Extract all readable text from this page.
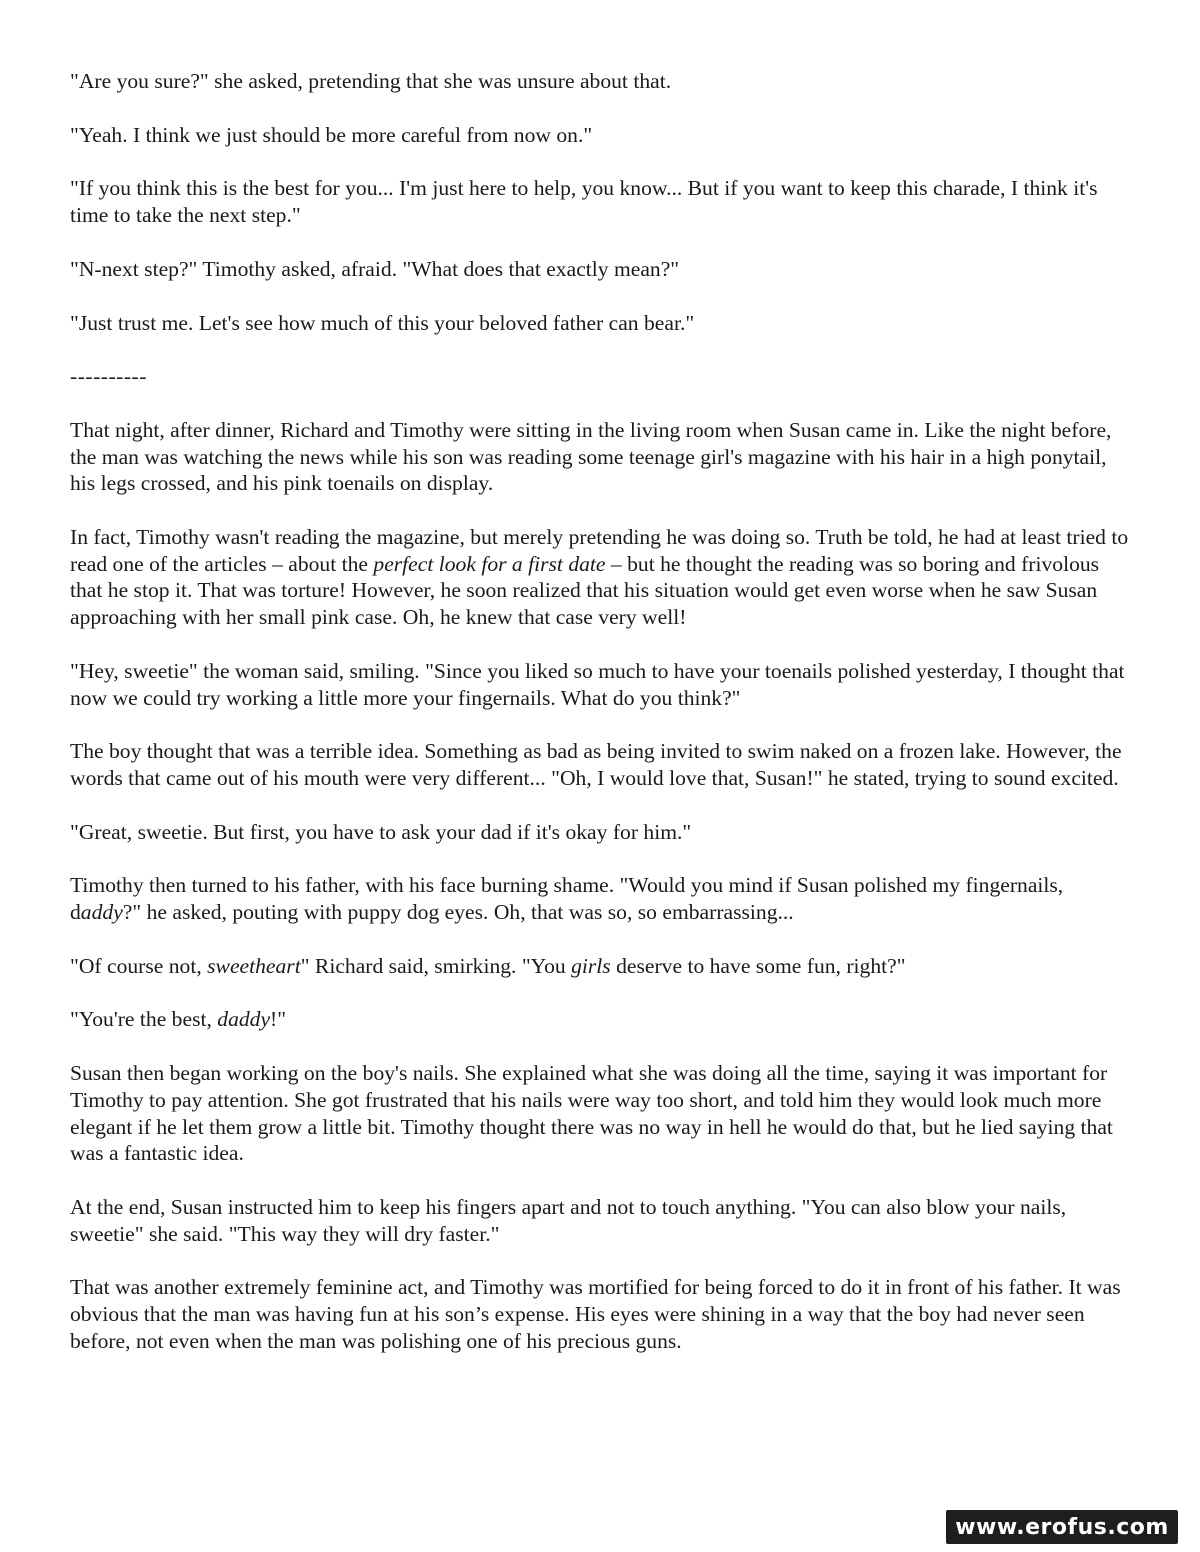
"Are you sure?" she asked, pretending that she was unsure about that.

"Yeah. I think we just should be more careful from now on."

"If you think this is the best for you... I'm just here to help, you know... But if you want to keep this charade, I think it's time to take the next step."

"N-next step?" Timothy asked, afraid. "What does that exactly mean?"

"Just trust me. Let's see how much of this your beloved father can bear."

----------

That night, after dinner, Richard and Timothy were sitting in the living room when Susan came in. Like the night before, the man was watching the news while his son was reading some teenage girl's magazine with his hair in a high ponytail, his legs crossed, and his pink toenails on display.

In fact, Timothy wasn't reading the magazine, but merely pretending he was doing so. Truth be told, he had at least tried to read one of the articles – about the perfect look for a first date – but he thought the reading was so boring and frivolous that he stop it. That was torture! However, he soon realized that his situation would get even worse when he saw Susan approaching with her small pink case. Oh, he knew that case very well!

"Hey, sweetie" the woman said, smiling. "Since you liked so much to have your toenails polished yesterday, I thought that now we could try working a little more your fingernails. What do you think?"

The boy thought that was a terrible idea. Something as bad as being invited to swim naked on a frozen lake. However, the words that came out of his mouth were very different... "Oh, I would love that, Susan!" he stated, trying to sound excited.

"Great, sweetie. But first, you have to ask your dad if it's okay for him."

Timothy then turned to his father, with his face burning shame. "Would you mind if Susan polished my fingernails, daddy?" he asked, pouting with puppy dog eyes. Oh, that was so, so embarrassing...

"Of course not, sweetheart" Richard said, smirking. "You girls deserve to have some fun, right?"

"You're the best, daddy!"

Susan then began working on the boy's nails. She explained what she was doing all the time, saying it was important for Timothy to pay attention. She got frustrated that his nails were way too short, and told him they would look much more elegant if he let them grow a little bit. Timothy thought there was no way in hell he would do that, but he lied saying that was a fantastic idea.

At the end, Susan instructed him to keep his fingers apart and not to touch anything. "You can also blow your nails, sweetie" she said. "This way they will dry faster."

That was another extremely feminine act, and Timothy was mortified for being forced to do it in front of his father. It was obvious that the man was having fun at his son’s expense. His eyes were shining in a way that the boy had never seen before, not even when the man was polishing one of his precious guns.

www.erofus.com
